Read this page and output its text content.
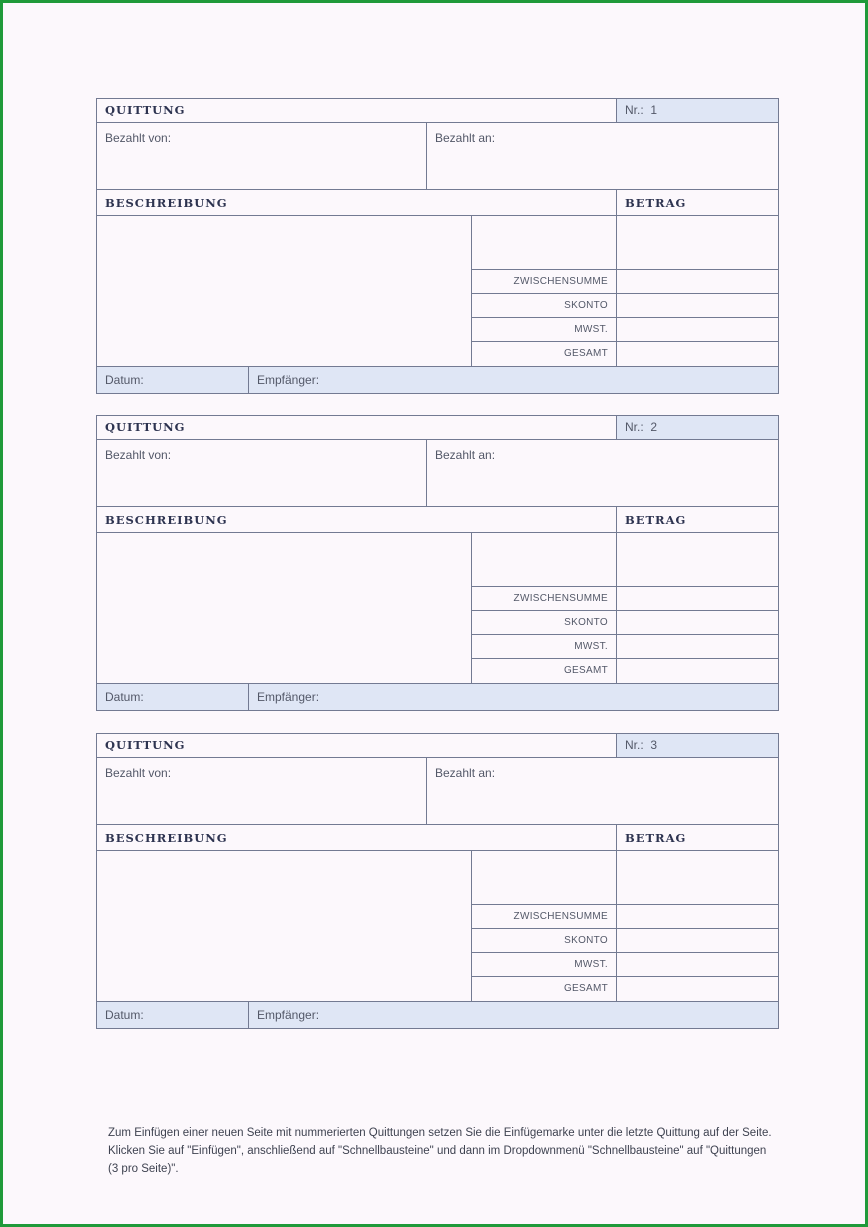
QUITTUNG	Nr.: 1
Bezahlt von:	Bezahlt an:
BESCHREIBUNG	BETRAG
ZWISCHENSUMME
SKONTO
MWST.
GESAMT
Datum:	Empfänger:
QUITTUNG	Nr.: 2
Bezahlt von:	Bezahlt an:
BESCHREIBUNG	BETRAG
ZWISCHENSUMME
SKONTO
MWST.
GESAMT
Datum:	Empfänger:
QUITTUNG	Nr.: 3
Bezahlt von:	Bezahlt an:
BESCHREIBUNG	BETRAG
ZWISCHENSUMME
SKONTO
MWST.
GESAMT
Datum:	Empfänger:
Zum Einfügen einer neuen Seite mit nummerierten Quittungen setzen Sie die Einfügemarke unter die letzte Quittung auf der Seite. Klicken Sie auf "Einfügen", anschließend auf "Schnellbausteine" und dann im Dropdownmenü "Schnellbausteine" auf "Quittungen (3 pro Seite)".
